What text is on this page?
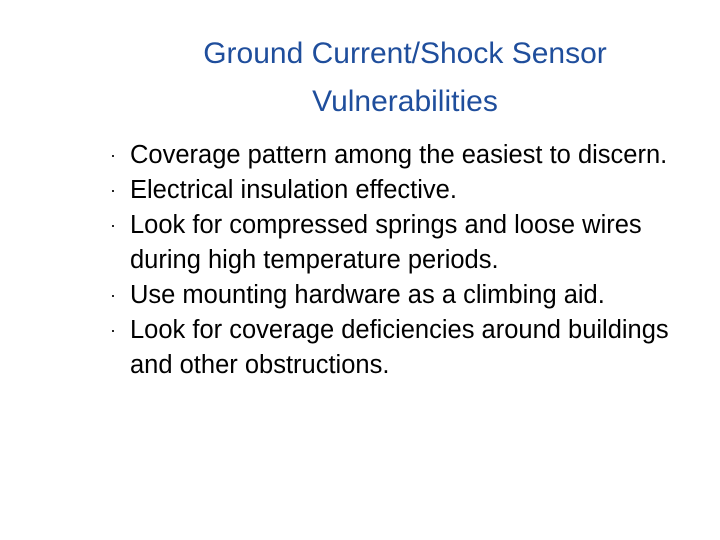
Ground Current/Shock Sensor
Vulnerabilities
· Coverage pattern among the easiest to discern.
· Electrical insulation effective.
· Look for compressed springs and loose wires during high temperature periods.
· Use mounting hardware as a climbing aid.
· Look for coverage deficiencies around buildings and other obstructions.
